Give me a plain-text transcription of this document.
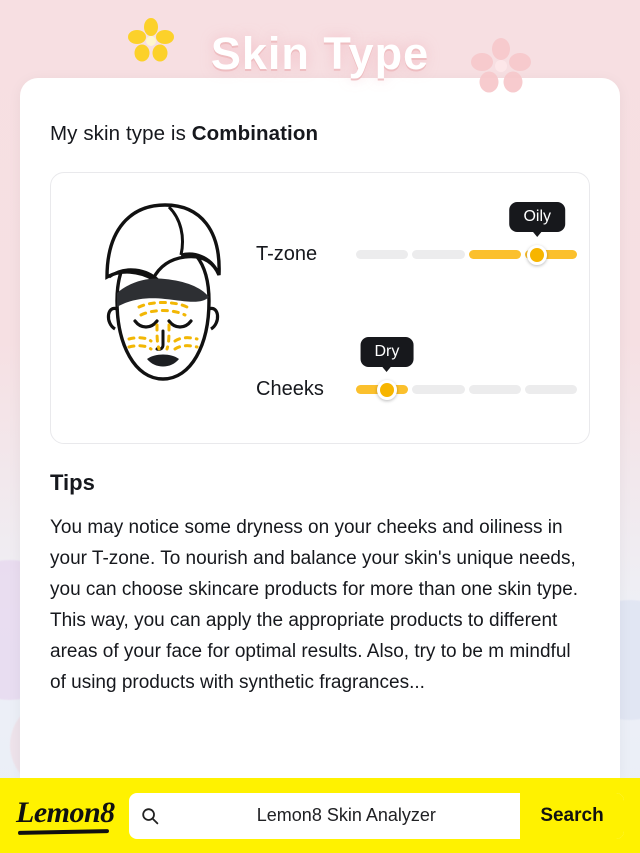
Skin Type

My skin type is Combination

T-zone
Oily
Cheeks
Dry
Tips

You may notice some dryness on your cheeks and oiliness in your T-zone. To nourish and balance your skin's unique needs, you can choose skincare products for more than one skin type. This way, you can apply the appropriate products to different areas of your face for optimal results. Also, try to be m mindful of using products with synthetic fragrances...

Lemon8	Lemon8 Skin Analyzer	Search
